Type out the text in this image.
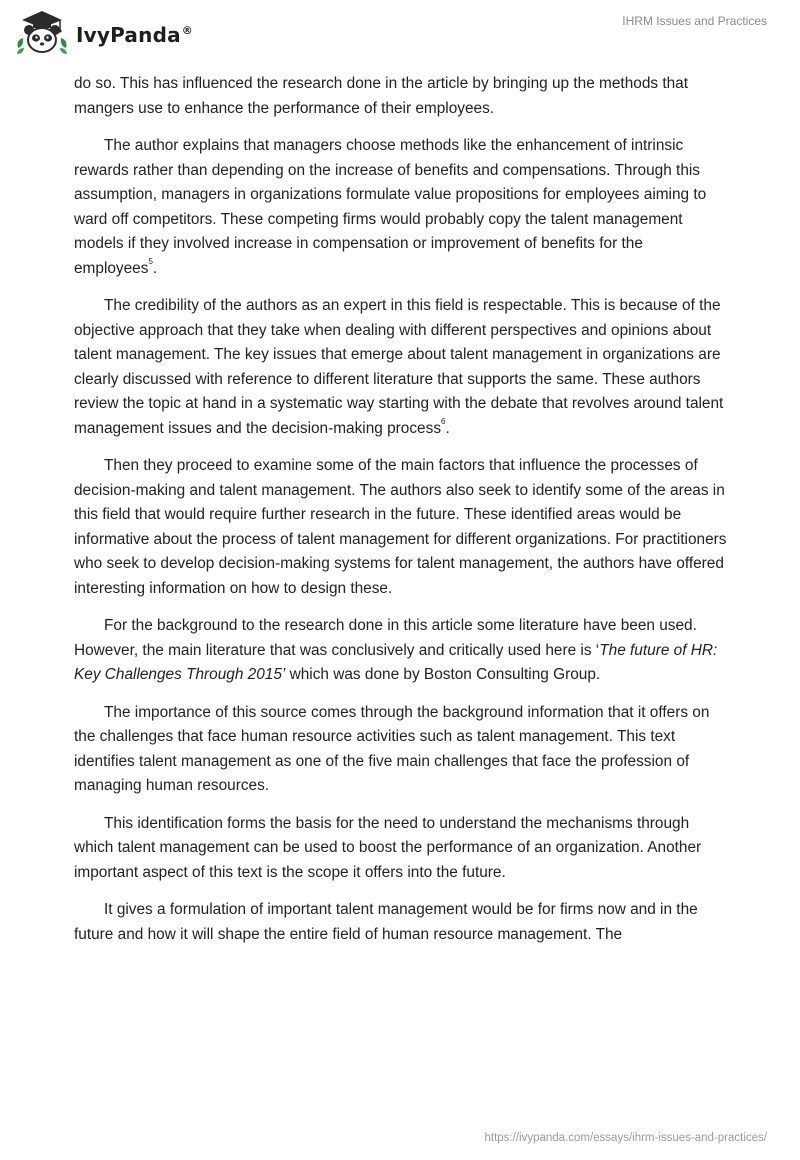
IvyPanda®
IHRM Issues and Practices

do so. This has influenced the research done in the article by bringing up the methods that mangers use to enhance the performance of their employees.

The author explains that managers choose methods like the enhancement of intrinsic rewards rather than depending on the increase of benefits and compensations. Through this assumption, managers in organizations formulate value propositions for employees aiming to ward off competitors. These competing firms would probably copy the talent management models if they involved increase in compensation or improvement of benefits for the employees$^5$.

The credibility of the authors as an expert in this field is respectable. This is because of the objective approach that they take when dealing with different perspectives and opinions about talent management. The key issues that emerge about talent management in organizations are clearly discussed with reference to different literature that supports the same. These authors review the topic at hand in a systematic way starting with the debate that revolves around talent management issues and the decision-making process$^6$.

Then they proceed to examine some of the main factors that influence the processes of decision-making and talent management. The authors also seek to identify some of the areas in this field that would require further research in the future. These identified areas would be informative about the process of talent management for different organizations. For practitioners who seek to develop decision-making systems for talent management, the authors have offered interesting information on how to design these.

For the background to the research done in this article some literature have been used. However, the main literature that was conclusively and critically used here is ‘The future of HR: Key Challenges Through 2015’ which was done by Boston Consulting Group.

The importance of this source comes through the background information that it offers on the challenges that face human resource activities such as talent management. This text identifies talent management as one of the five main challenges that face the profession of managing human resources.

This identification forms the basis for the need to understand the mechanisms through which talent management can be used to boost the performance of an organization. Another important aspect of this text is the scope it offers into the future.

It gives a formulation of important talent management would be for firms now and in the future and how it will shape the entire field of human resource management. The

https://ivypanda.com/essays/ihrm-issues-and-practices/
